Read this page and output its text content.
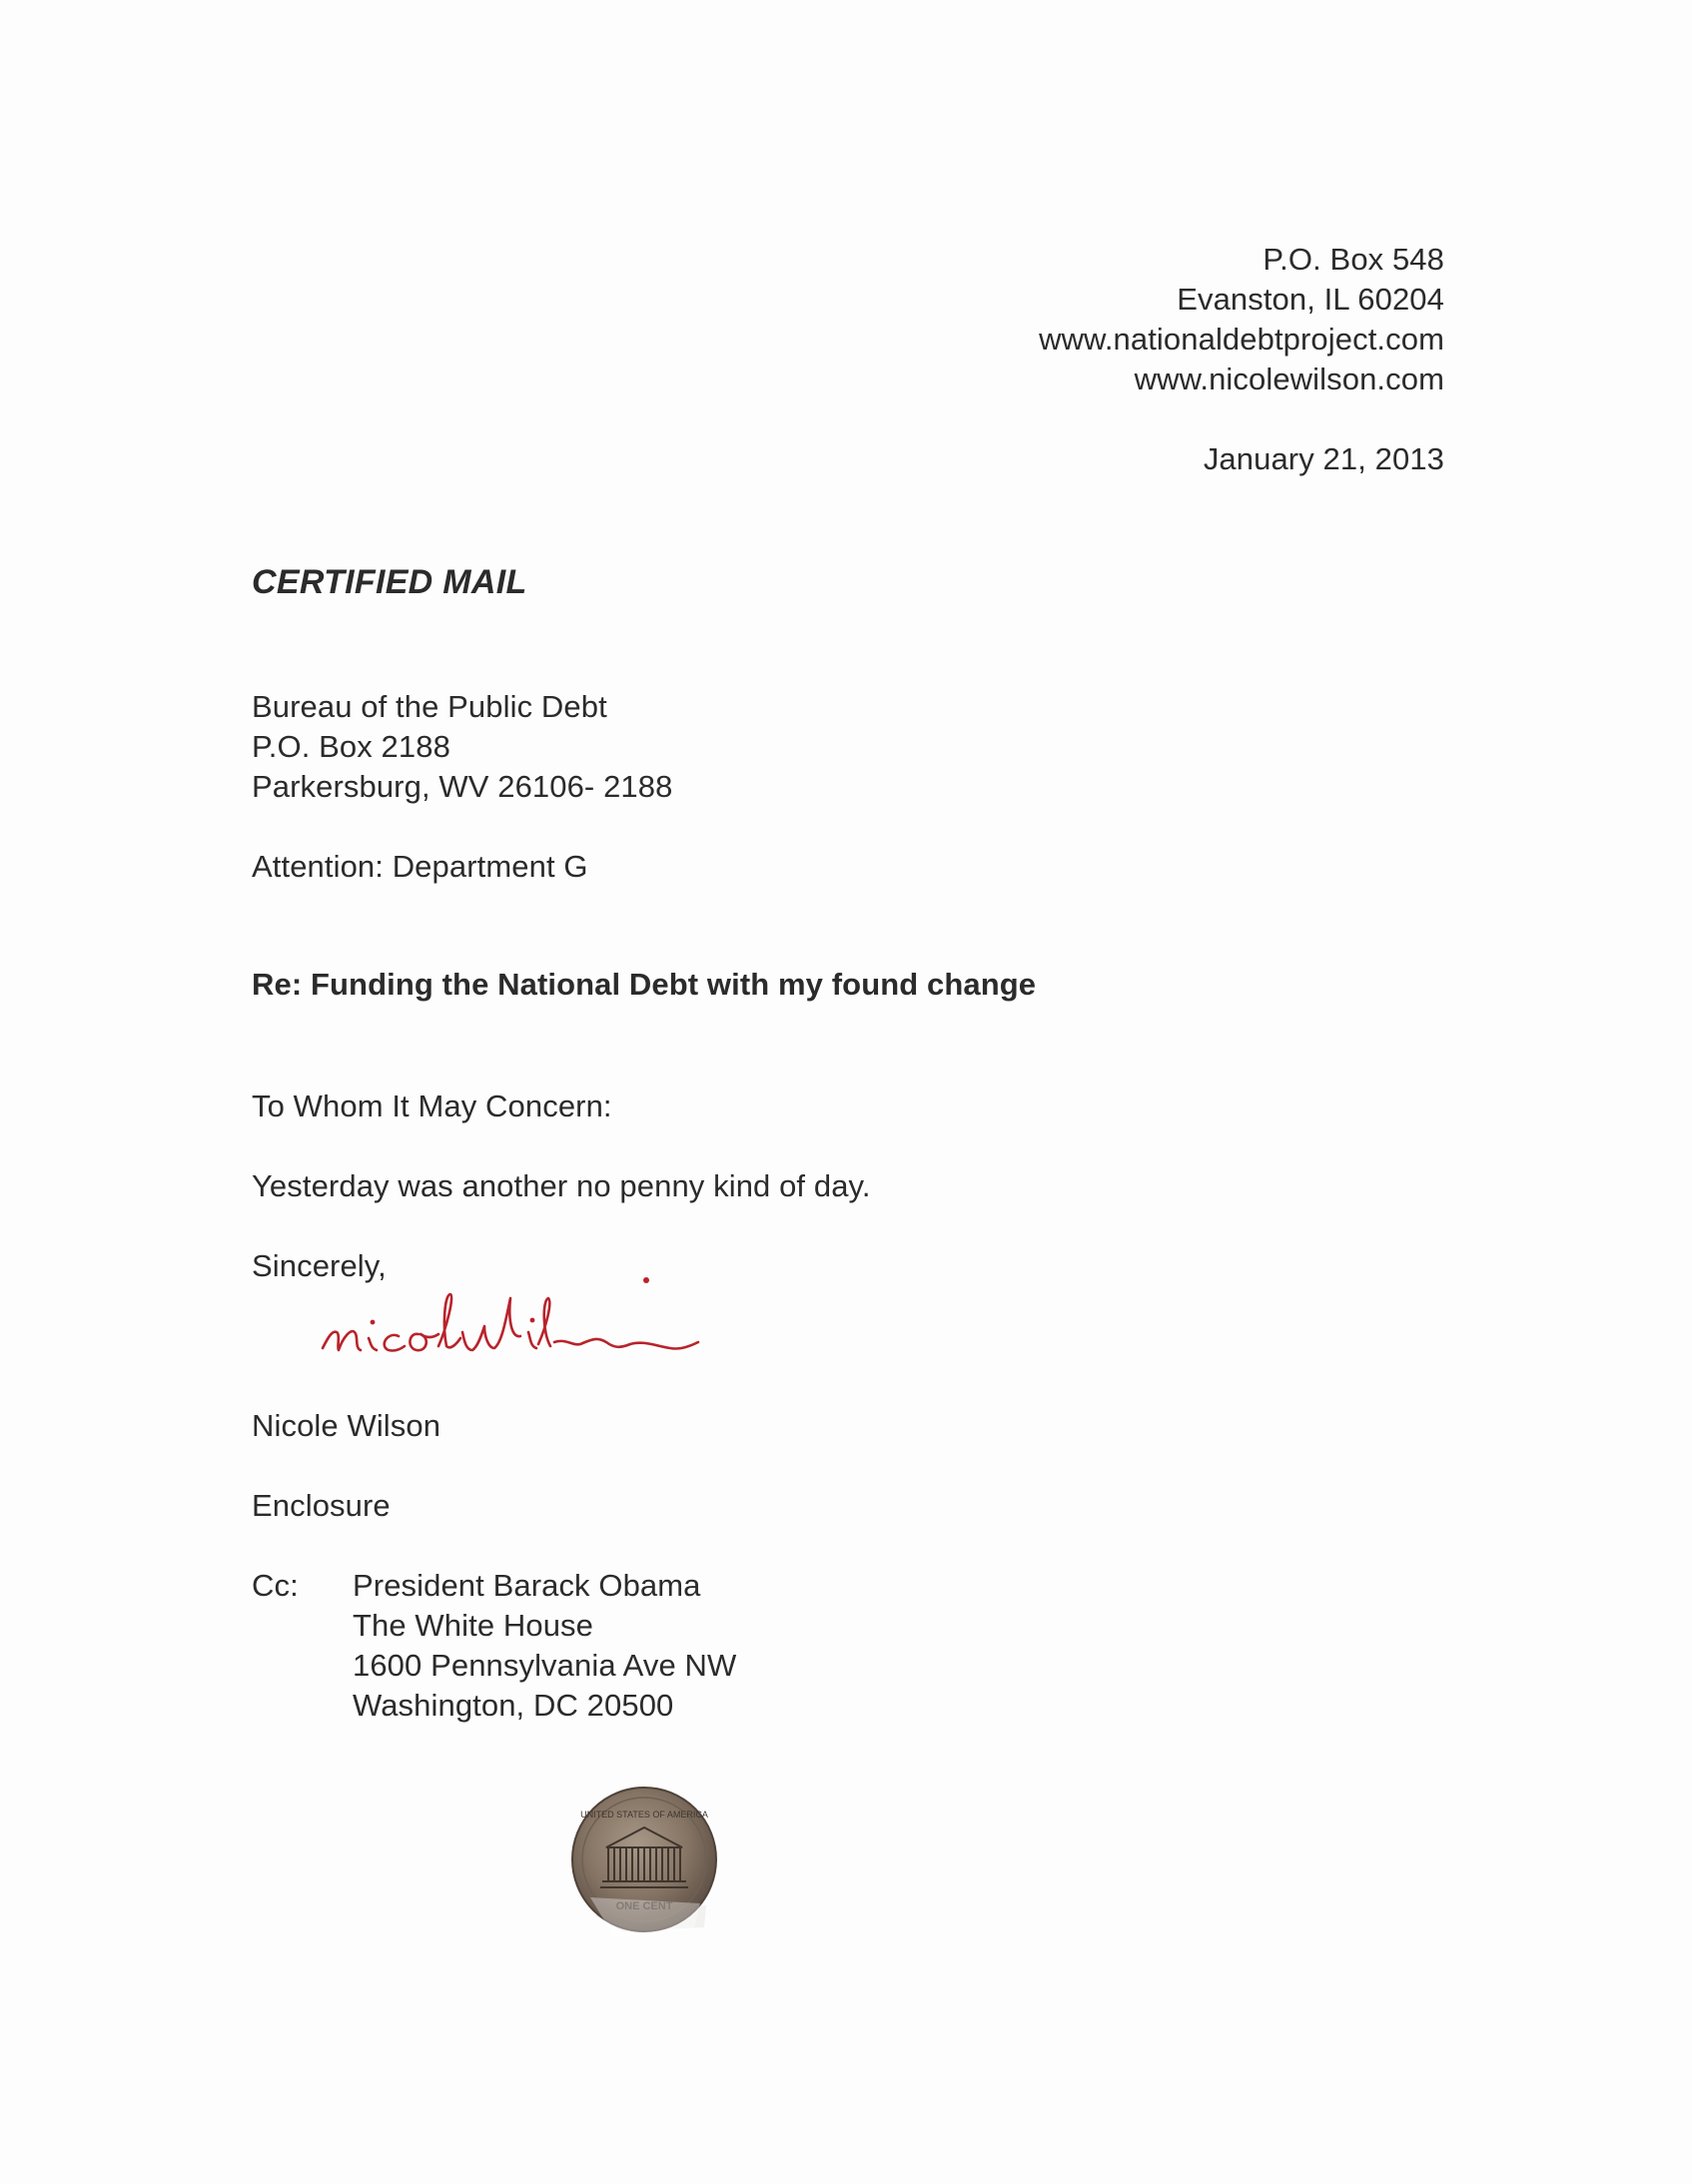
P.O. Box 548
Evanston, IL 60204
www.nationaldebtproject.com
www.nicolewilson.com
January 21, 2013
CERTIFIED MAIL
Bureau of the Public Debt
P.O. Box 2188
Parkersburg, WV 26106- 2188
Attention: Department G
Re: Funding the National Debt with my found change
To Whom It May Concern:
Yesterday was another no penny kind of day.
Sincerely,
Nicole Wilson
Enclosure
Cc: President Barack Obama
The White House
1600 Pennsylvania Ave NW
Washington, DC 20500
UNITED STATES OF AMERICA
ONE CENT
